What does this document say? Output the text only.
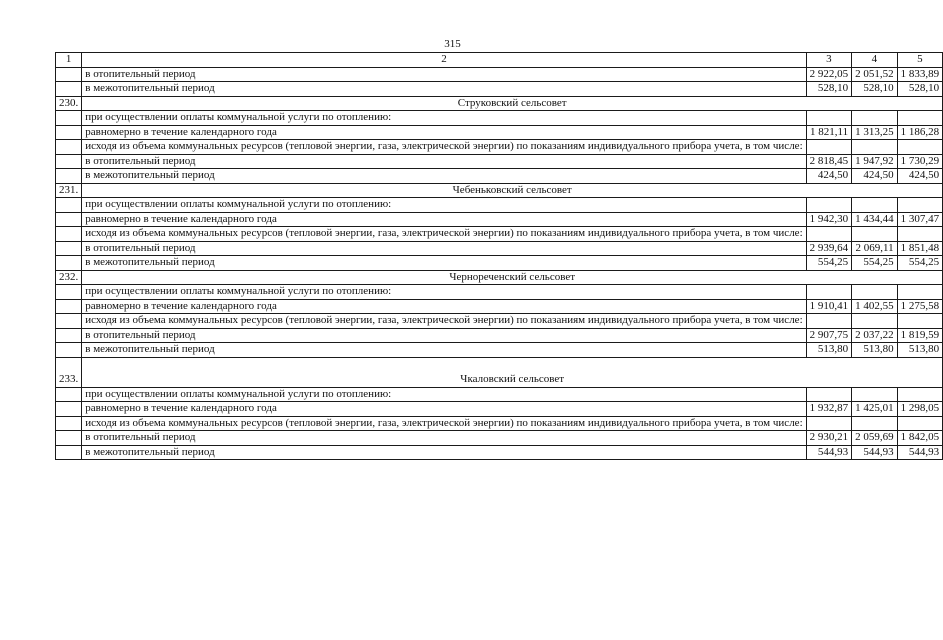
315
1	2	3	4	5
	в отопительный период	2 922,05	2 051,52	1 833,89
	в межотопительный период	528,10	528,10	528,10
230.	Струковский сельсовет			
	при осуществлении оплаты коммунальной услуги по отоплению:			
	равномерно в течение календарного года	1 821,11	1 313,25	1 186,28
	исходя из объема коммунальных ресурсов (тепловой энергии, газа, электрической энергии) по показаниям индивидуального прибора учета, в том числе:			
	в отопительный период	2 818,45	1 947,92	1 730,29
	в межотопительный период	424,50	424,50	424,50
231.	Чебеньковский сельсовет			
	при осуществлении оплаты коммунальной услуги по отоплению:			
	равномерно в течение календарного года	1 942,30	1 434,44	1 307,47
	исходя из объема коммунальных ресурсов (тепловой энергии, газа, электрической энергии) по показаниям индивидуального прибора учета, в том числе:			
	в отопительный период	2 939,64	2 069,11	1 851,48
	в межотопительный период	554,25	554,25	554,25
232.	Чернореченский сельсовет			
	при осуществлении оплаты коммунальной услуги по отоплению:			
	равномерно в течение календарного года	1 910,41	1 402,55	1 275,58
	исходя из объема коммунальных ресурсов (тепловой энергии, газа, электрической энергии) по показаниям индивидуального прибора учета, в том числе:			
	в отопительный период	2 907,75	2 037,22	1 819,59
	в межотопительный период	513,80	513,80	513,80
233.	Чкаловский сельсовет			
	при осуществлении оплаты коммунальной услуги по отоплению:			
	равномерно в течение календарного года	1 932,87	1 425,01	1 298,05
	исходя из объема коммунальных ресурсов (тепловой энергии, газа, электрической энергии) по показаниям индивидуального прибора учета, в том числе:			
	в отопительный период	2 930,21	2 059,69	1 842,05
	в межотопительный период	544,93	544,93	544,93
